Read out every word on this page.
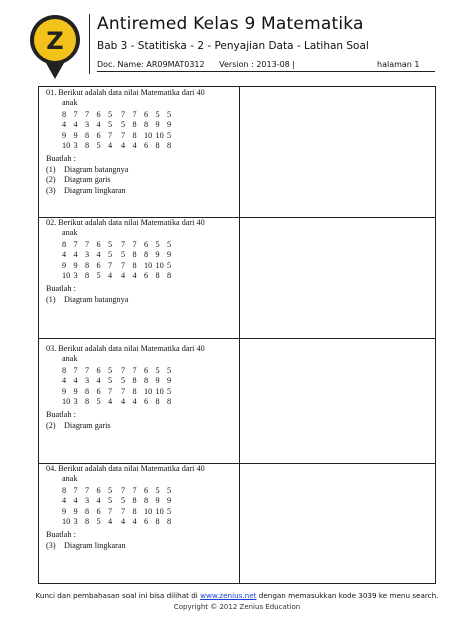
Z
Antiremed Kelas 9 Matematika
Bab 3 - Statitiska - 2 - Penyajian Data - Latihan Soal
Doc. Name: AR09MAT0312 Version : 2013-08 |	halaman 1
01. Berikut adalah data nilai Matematika dari 40
anak
8	7	7	6	5	7	7	6	5	5
4	4	3	4	5	5	8	8	9	9
9	9	8	6	7	7	8	10	10	5
10	3	8	5	4	4	4	6	8	8
Buatlah :
(1)	Diagram batangnya
(2)	Diagram garis
(3)	Diagram lingkaran
02. Berikut adalah data nilai Matematika dari 40
anak
8	7	7	6	5	7	7	6	5	5
4	4	3	4	5	5	8	8	9	9
9	9	8	6	7	7	8	10	10	5
10	3	8	5	4	4	4	6	8	8
Buatlah :
(1)	Diagram batangnya
03. Berikut adalah data nilai Matematika dari 40
anak
8	7	7	6	5	7	7	6	5	5
4	4	3	4	5	5	8	8	9	9
9	9	8	6	7	7	8	10	10	5
10	3	8	5	4	4	4	6	8	8
Buatlah :
(2)	Diagram garis
04. Berikut adalah data nilai Matematika dari 40
anak
8	7	7	6	5	7	7	6	5	5
4	4	3	4	5	5	8	8	9	9
9	9	8	6	7	7	8	10	10	5
10	3	8	5	4	4	4	6	8	8
Buatlah :
(3)	Diagram lingkaran
Kunci dan pembahasan soal ini bisa dilihat di www.zenius.net dengan memasukkan kode 3039 ke menu search.
Copyright © 2012 Zenius Education
